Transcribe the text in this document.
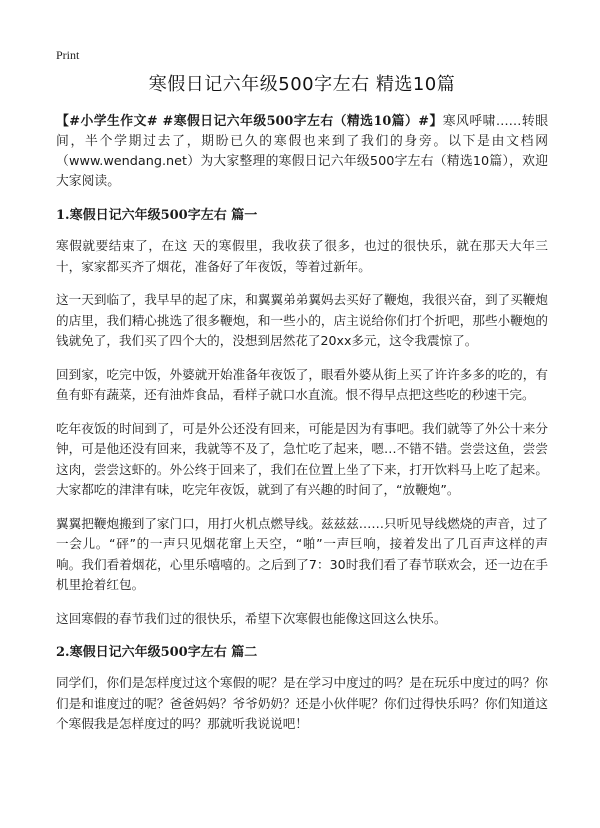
Print
寒假日记六年级500字左右 精选10篇
【#小学生作文# #寒假日记六年级500字左右（精选10篇）#】寒风呼啸……转眼间，半个学期过去了，期盼已久的寒假也来到了我们的身旁。以下是由文档网（www.wendang.net）为大家整理的寒假日记六年级500字左右（精选10篇），欢迎大家阅读。
1.寒假日记六年级500字左右 篇一

寒假就要结束了，在这 天的寒假里，我收获了很多，也过的很快乐，就在那天大年三十，家家都买齐了烟花，准备好了年夜饭，等着过新年。

这一天到临了，我早早的起了床，和翼翼弟弟翼妈去买好了鞭炮，我很兴奋，到了买鞭炮的店里，我们精心挑选了很多鞭炮，和一些小的，店主说给你们打个折吧，那些小鞭炮的钱就免了，我们买了四个大的，没想到居然花了20xx多元，这令我震惊了。

回到家，吃完中饭，外婆就开始准备年夜饭了，眼看外婆从街上买了许许多多的吃的，有鱼有虾有蔬菜，还有油炸食品，看样子就口水直流。恨不得早点把这些吃的秒速干完。

吃年夜饭的时间到了，可是外公还没有回来，可能是因为有事吧。我们就等了外公十来分钟，可是他还没有回来，我就等不及了，急忙吃了起来，嗯…不错不错。尝尝这鱼，尝尝这肉，尝尝这虾的。外公终于回来了，我们在位置上坐了下来，打开饮料马上吃了起来。大家都吃的津津有味，吃完年夜饭，就到了有兴趣的时间了，“放鞭炮”。

翼翼把鞭炮搬到了家门口，用打火机点燃导线。兹兹兹……只听见导线燃烧的声音，过了一会儿。“砰”的一声只见烟花窜上天空，“啪”一声巨响，接着发出了几百声这样的声响。我们看着烟花，心里乐嘻嘻的。之后到了7：30时我们看了春节联欢会，还一边在手机里抢着红包。

这回寒假的春节我们过的很快乐，希望下次寒假也能像这回这么快乐。

2.寒假日记六年级500字左右 篇二

同学们，你们是怎样度过这个寒假的呢？是在学习中度过的吗？是在玩乐中度过的吗？你们是和谁度过的呢？爸爸妈妈？爷爷奶奶？还是小伙伴呢？你们过得快乐吗？你们知道这个寒假我是怎样度过的吗？那就听我说说吧！
